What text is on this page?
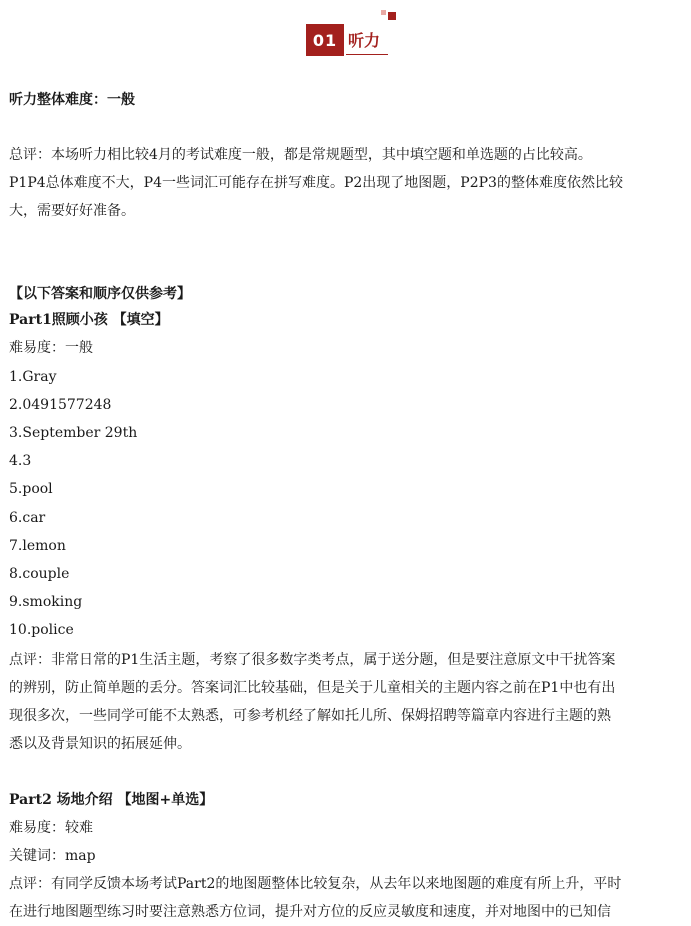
01 听力
听力整体难度：一般
总评：本场听力相比较4月的考试难度一般，都是常规题型，其中填空题和单选题的占比较高。
P1P4总体难度不大，P4一些词汇可能存在拼写难度。P2出现了地图题，P2P3的整体难度依然比较
大，需要好好准备。
【以下答案和顺序仅供参考】
Part1照顾小孩 【填空】
难易度：一般
1.Gray
2.0491577248
3.September 29th
4.3
5.pool
6.car
7.lemon
8.couple
9.smoking
10.police
点评：非常日常的P1生活主题，考察了很多数字类考点，属于送分题，但是要注意原文中干扰答案
的辨别，防止简单题的丢分。答案词汇比较基础，但是关于儿童相关的主题内容之前在P1中也有出
现很多次，一些同学可能不太熟悉，可参考机经了解如托儿所、保姆招聘等篇章内容进行主题的熟
悉以及背景知识的拓展延伸。
Part2 场地介绍 【地图+单选】
难易度：较难
关键词：map
点评：有同学反馈本场考试Part2的地图题整体比较复杂，从去年以来地图题的难度有所上升，平时
在进行地图题型练习时要注意熟悉方位词，提升对方位的反应灵敏度和速度，并对地图中的已知信
